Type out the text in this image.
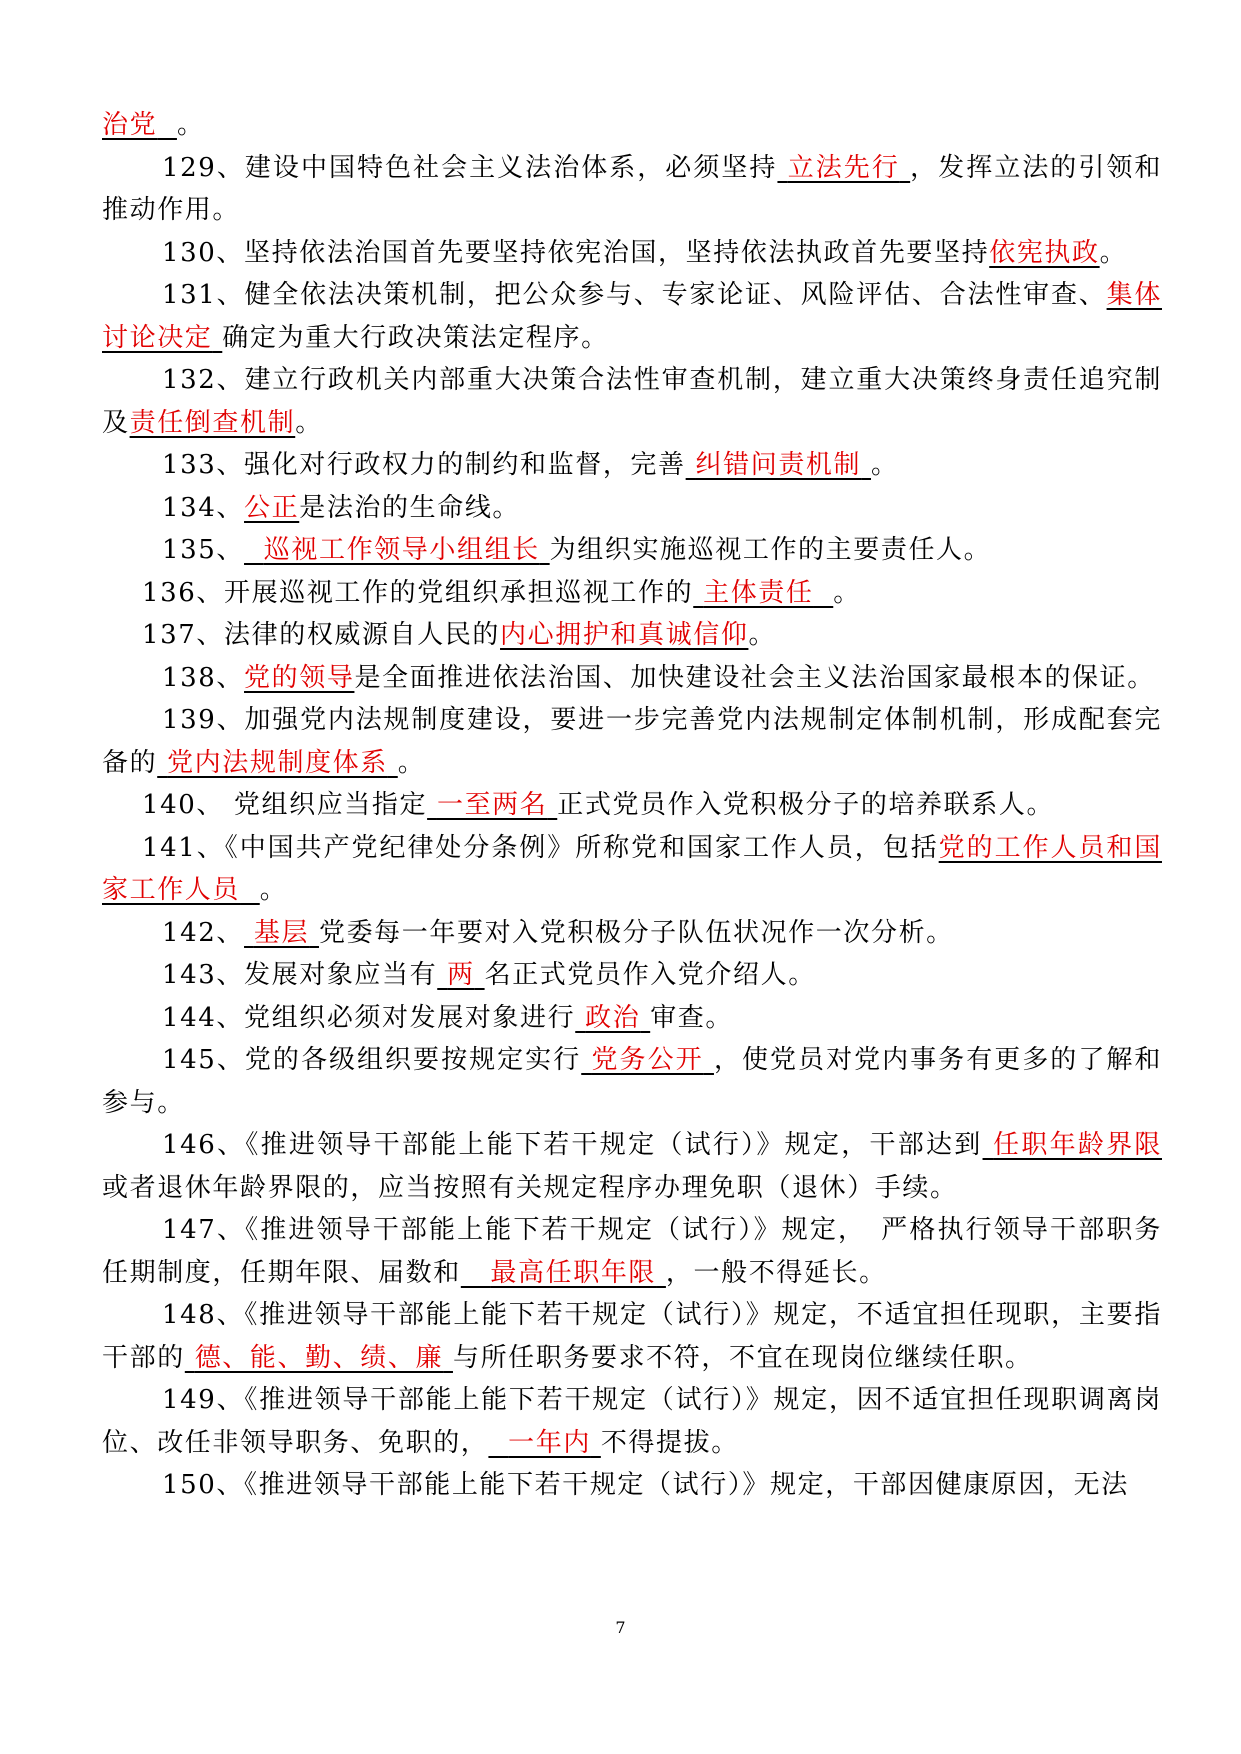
治党 。

129、建设中国特色社会主义法治体系，必须坚持 立法先行 ，发挥立法的引领和推动作用。

130、坚持依法治国首先要坚持依宪治国，坚持依法执政首先要坚持依宪执政。

131、健全依法决策机制，把公众参与、专家论证、风险评估、合法性审查、集体讨论决定 确定为重大行政决策法定程序。

132、建立行政机关内部重大决策合法性审查机制，建立重大决策终身责任追究制及责任倒查机制。

133、强化对行政权力的制约和监督，完善 纠错问责机制 。

134、公正是法治的生命线。

135、 巡视工作领导小组组长 为组织实施巡视工作的主要责任人。

136、开展巡视工作的党组织承担巡视工作的 主体责任 。

137、法律的权威源自人民的内心拥护和真诚信仰。

138、党的领导是全面推进依法治国、加快建设社会主义法治国家最根本的保证。

139、加强党内法规制度建设，要进一步完善党内法规制定体制机制，形成配套完备的 党内法规制度体系 。

140、 党组织应当指定 一至两名 正式党员作入党积极分子的培养联系人。

141、《中国共产党纪律处分条例》所称党和国家工作人员，包括党的工作人员和国家工作人员 。

142、 基层 党委每一年要对入党积极分子队伍状况作一次分析。

143、发展对象应当有 两 名正式党员作入党介绍人。

144、党组织必须对发展对象进行 政治 审查。

145、党的各级组织要按规定实行 党务公开 ，使党员对党内事务有更多的了解和参与。

146、《推进领导干部能上能下若干规定（试行）》规定，干部达到 任职年龄界限或者退休年龄界限的，应当按照有关规定程序办理免职（退休）手续。

147、《推进领导干部能上能下若干规定（试行）》规定，　严格执行领导干部职务任期制度，任期年限、届数和 最高任职年限 ，一般不得延长。

148、《推进领导干部能上能下若干规定（试行）》规定，不适宜担任现职，主要指干部的 德、能、勤、绩、廉 与所任职务要求不符，不宜在现岗位继续任职。

149、《推进领导干部能上能下若干规定（试行）》规定，因不适宜担任现职调离岗位、改任非领导职务、免职的， 一年内 不得提拔。

150、《推进领导干部能上能下若干规定（试行）》规定，干部因健康原因，无法

7
